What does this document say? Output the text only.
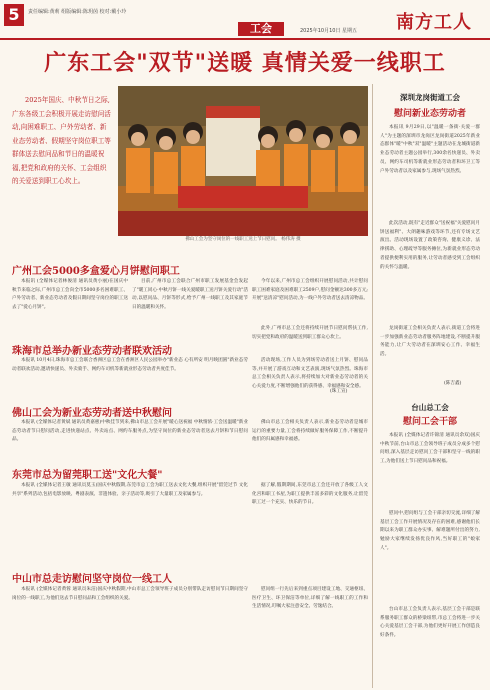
5	责任编辑:黄莉 组版编辑:陈玥茵 校对:戴小玲
工会	2025年10月10日 星期五 南方工人
广东工会"双节"送暖 真情关爱一线职工
2025年国庆、中秋节日之际,广东各级工会积极开展走访慰问活动,向困难职工、户外劳动者、新业态劳动者、假期坚守岗位职工等群体送去慰问品和节日的温暖祝福,把党和政府的关怀、工会组织的关爱送到职工心坎上。
佛山工会为坚守岗位的一线职工送上节日慰问。 杨伟涛 摄
广州工会5000多盒爱心月饼慰问职工
本报讯 (全媒体记者林俊清 通讯员黄小丽)在国庆中秋节来临之际,广州市总工会向全市5000多名困难职工、户外劳动者、新业态劳动者及假日期间坚守岗位的职工送去了"爱心月饼"。
目前,广州市总工会联合广州市职工发展基金会发起了"暖工同心·中秋月饼一线关爱暖职工送月饼关爱行动"活动,以慰问品、月饼等形式,给予广州一线职工及其家庭节日的温暖和关怀。
今年以来,广州市总工会组织开展慰问活动,共计慰问职工困难家庭及困难职工2509户,慰问金额达300多万元;开展"送清凉"慰问活动,为一线户外劳动者送去清凉物品。
此外,广州市总工会还将持续开展节日慰问帮扶工作,切实把党和政府的温暖送到职工群众心坎上。
珠海市总举办新业态劳动者联欢活动
本报讯 10月4日,珠海市总工会联合香洲区总工会在香洲区人民公园举办"新业态 心有所安 明月映团圆"新业态劳动者联欢活动,邀请快递员、外卖骑手、网约车司机等新就业形态劳动者共度佳节。
活动现场,工作人员为到场劳动者送上月饼、慰问品等,并开展了游戏互动和文艺表演,现场气氛热烈。珠海市总工会相关负责人表示,将持续加大对新业态劳动者的关心关爱力度,不断增强他们的获得感、幸福感和安全感。
(珠工宣)
佛山工会为新业态劳动者送中秋慰问
本报讯 (全媒体记者黄斌 通讯员黄嘉惠)中秋佳节到来,佛山市总工会开展"暖心送祝福 中秋情浓·工会送温暖"新业态劳动者节日慰问活动,走进快递站点、外卖站点、网约车服务点,为坚守岗位的新业态劳动者送去月饼和节日慰问品。
佛山市总工会相关负责人表示,新业态劳动者是城市运行的重要力量,工会将持续做好服务保障工作,不断提升他们的归属感和幸福感。
东莞市总为留莞职工送"文化大餐"
本报讯 (全媒体记者王敏 通讯员莫玉)国庆中秋假期,东莞市总工会为职工送去文化大餐,组织开展"留莞过节 文化共享"系列活动,包括电影放映、粤剧表演、非遗体验、亲子活动等,吸引了大量职工及家属参与。
据了解,假期期间,东莞市总工会还开放了各级工人文化宫和职工书屋,为职工提供丰富多彩的文化服务,让留莞职工过一个充实、快乐的节日。
中山市总走访慰问坚守岗位一线工人
本报讯 (全媒体记者黄蓉 通讯员朱洁)国庆中秋假期,中山市总工会领导班子成员分别带队走访慰问节日期间坚守岗位的一线职工,为他们送去节日慰问品和工会组织的关爱。
慰问组一行先后来到重点项目建设工地、交通枢纽、医疗卫生、环卫保洁等单位,详细了解一线职工的工作和生活情况,叮嘱大家注意安全、劳逸结合。
深圳龙岗街道工会
慰问新业态劳动者
本报讯 9月29日,以"温暖一条街·关爱一群人"为主题的深圳市龙岗区龙岗街道2025年新业态群体"暖"中秋"双"温暖"主题活动在龙城街道新业态劳动者主题公园举行,300余名快递员、外卖员、网约车司机等新就业形态劳动者和环卫工等户外劳动者以及家属参与,现场气氛热烈。
此次活动,既有"走近群众"送祝福"关爱慰问月饼送福利"、大朗趣味游戏等环节,还有专场文艺演出。活动现场设置了政策咨询、健康义诊、法律援助、心理疏导等服务摊位,为新就业形态劳动者提供便利实用的服务,让劳动者感受到工会组织的关怀与温暖。
龙岗街道工会相关负责人表示,街道工会将进一步加强新业态劳动者服务阵地建设,不断提升服务能力,让广大劳动者在深圳安心工作、幸福生活。
(陈吉鑫)
台山总工会
慰问工会干部
本报讯 (全媒体记者许锦清 通讯员余双)国庆中秋节前,台山市总工会领导班子成员分成多个慰问组,深入基层走访慰问工会干部和坚守一线的职工,为他们送上节日慰问品和祝福。
慰问中,慰问组与工会干部亲切交流,详细了解基层工会工作开展情况及存在的困难,感谢他们长期以来为职工群众办实事、解难题所付出的努力,勉励大家继续发扬优良作风,当好职工的"娘家人"。
台山市总工会负责人表示,基层工会干部是联系服务职工群众的桥梁纽带,市总工会将进一步关心关爱基层工会干部,为他们更好开展工作创造良好条件。
